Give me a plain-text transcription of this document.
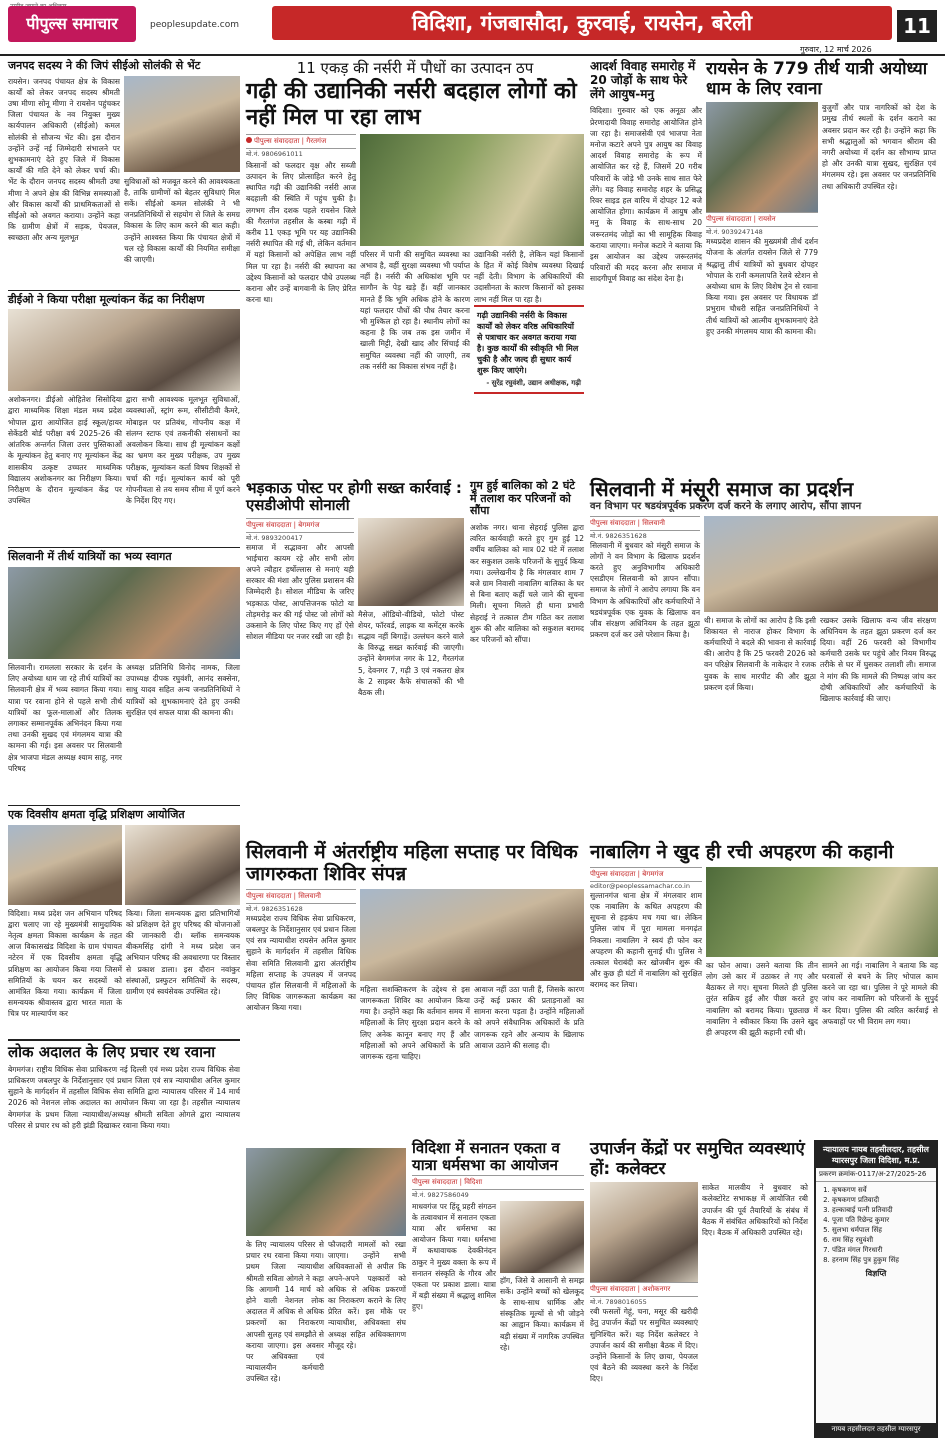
पीपुल्स समाचार	peoplesupdate.com	विदिशा, गंजबासौदा, कुरवाई, रायसेन, बरेली	11
गुरुवार, 12 मार्च 2026
जनपद सदस्य ने की जिपं सीईओ सोलंकी से भेंट
रायसेन। जनपद पंचायत क्षेत्र के विकास कार्यों को लेकर जनपद सदस्य श्रीमती उषा मीणा सोनू मीणा ने रायसेन पहुंचकर जिला पंचायत के नव नियुक्त मुख्य कार्यपालन अधिकारी (सीईओ) कमल सोलंकी से सौजन्य भेंट की। इस दौरान उन्होंने उन्हें नई जिम्मेदारी संभालने पर शुभकामनाएं देते हुए जिले में विकास कार्यों की गति देने को लेकर चर्चा की। भेंट के दौरान जनपद सदस्य श्रीमती उषा मीणा ने अपने क्षेत्र की विभिन्न समस्याओं और विकास कार्यों की प्राथमिकताओं से सीईओ को अवगत कराया। उन्होंने कहा कि ग्रामीण क्षेत्रों में सड़क, पेयजल, स्वच्छता और अन्य मूलभूत
सुविधाओं को मजबूत करने की आवश्यकता है, ताकि ग्रामीणों को बेहतर सुविधाएं मिल सकें। सीईओ कमल सोलंकी ने भी जनप्रतिनिधियों से सहयोग से जिले के समग्र विकास के लिए काम करने की बात कही। उन्होंने आश्वस्त किया कि पंचायत क्षेत्रों में चल रहे विकास कार्यों की नियमित समीक्षा की जाएगी।
डीईओ ने किया परीक्षा मूल्यांकन केंद्र का निरीक्षण
अशोकनगर। डीईओ ओहितेश सिसोदिया द्वारा माध्यमिक शिक्षा मंडल मध्य प्रदेश भोपाल द्वारा आयोजित हाई स्कूल/हायर सेकेंडरी बोर्ड परीक्षा वर्ष 2025-26 की आंतरिक अन्तर्गत जिला उत्तर पुस्तिकाओं के मूल्यांकन हेतु बनाए गए मूल्यांकन केंद्र शासकीय उत्कृष्ट उच्चतर माध्यमिक विद्यालय अशोकनगर का निरीक्षण किया। निरीक्षण के दौरान मूल्यांकन केंद्र पर उपस्थित
द्वारा सभी आवश्यक मूलभूत सुविधाओं, व्यवस्थाओं, स्ट्रांग रूम, सीसीटीवी कैमरे, मोबाइल पर प्रतिबंध, गोपनीय कक्ष में संलग्न स्टाफ एवं तकनीकी संसाधनों का अवलोकन किया। साथ ही मूल्यांकन कक्षों का भ्रमण कर मुख्य परीक्षक, उप मुख्य परीक्षक, मूल्यांकन कर्ता विषय शिक्षकों से चर्चा की गई। मूल्यांकन कार्य को पूरी गोपनीयता से तय समय सीमा में पूर्ण करने के निर्देश दिए गए।
सिलवानी में तीर्थ यात्रियों का भव्य स्वागत
सिलवानी। रामलला सरकार के दर्शन के लिए अयोध्या धाम जा रहे तीर्थ यात्रियों का सिलवानी क्षेत्र में भव्य स्वागत किया गया। यात्रा पर रवाना होने से पहले सभी तीर्थ यात्रियों का फूल-मालाओं और तिलक लगाकर सम्मानपूर्वक अभिनंदन किया गया तथा उनकी सुखद एवं मंगलमय यात्रा की कामना की गई। इस अवसर पर सिलवानी क्षेत्र भाजपा मंडल अध्यक्ष श्याम साहू, नगर परिषद
अध्यक्ष प्रतिनिधि विनोद नामक, जिला उपाध्यक्ष दीपक रघुवंशी, आनंद सक्सेना, साधु यादव सहित अन्य जनप्रतिनिधियों ने यात्रियों को शुभकामनाएं देते हुए उनकी सुरक्षित एवं सफल यात्रा की कामना की।
एक दिवसीय क्षमता वृद्धि प्रशिक्षण आयोजित
विदिशा। मध्य प्रदेश जन अभियान परिषद द्वारा चलाए जा रहे मुख्यमंत्री सामुदायिक नेतृत्व क्षमता विकास कार्यक्रम के तहत आज विकासखंड विदिशा के ग्राम पंचायत नटेरन में एक दिवसीय क्षमता वृद्धि प्रशिक्षण का आयोजन किया गया जिसमें समितियों के चयन कर सदस्यों को आमंत्रित किया गया। कार्यक्रम में जिला समन्वयक श्रीवास्तव द्वारा भारत माता के चित्र पर माल्यार्पण कर
किया। जिला समन्वयक द्वारा प्रतिभागियों को प्रशिक्षण देते हुए परिषद की योजनाओं की जानकारी दी। ब्लॉक समन्वयक बीकमसिंह दांगी ने मध्य प्रदेश जन अभियान परिषद की अवधारणा पर विस्तार से प्रकाश डाला। इस दौरान नवांकुर संस्थाओं, प्रस्फुटन समितियों के सदस्य, ग्रामीण एवं स्वयंसेवक उपस्थित रहे।
लोक अदालत के लिए प्रचार रथ रवाना
बेगमगंज। राष्ट्रीय विधिक सेवा प्राधिकरण नई दिल्ली एवं मध्य प्रदेश राज्य विधिक सेवा प्राधिकरण जबलपुर के निर्देशानुसार एवं प्रधान जिला एवं सत्र न्यायाधीश अनिल कुमार सुहाने के मार्गदर्शन में तहसील विधिक सेवा समिति द्वारा न्यायालय परिसर में 14 मार्च 2026 को नेशनल लोक अदालत का आयोजन किया जा रहा है। तहसील न्यायालय बेगमगंज के प्रथम जिला न्यायाधीश/अध्यक्ष श्रीमती सविता ओगले द्वारा न्यायालय परिसर से प्रचार रथ को हरी झंडी दिखाकर रवाना किया गया।
11 एकड़ की नर्सरी में पौधों का उत्पादन ठप
गढ़ी की उद्यानिकी नर्सरी बदहाल लोगों को नहीं मिल पा रहा लाभ
पीपुल्स संवाददाता | गैरतगंज
मो.नं. 9806961011
किसानों को फलदार वृक्ष और सब्जी उत्पादन के लिए प्रोत्साहित करने हेतु स्थापित गढ़ी की उद्यानिकी नर्सरी आज बदहाली की स्थिति में पहुंच चुकी है। लगभग तीन दशक पहले रायसेन जिले की गैरतगंज तहसील के कस्बा गढ़ी में करीब 11 एकड़ भूमि पर यह उद्यानिकी नर्सरी स्थापित की गई थी, लेकिन वर्तमान में यहां किसानों को अपेक्षित लाभ नहीं मिल पा रहा है। नर्सरी की स्थापना का उद्देश्य किसानों को फलदार पौधे उपलब्ध कराना और उन्हें बागवानी के लिए प्रेरित करना था।
परिसर में पानी की समुचित व्यवस्था का अभाव है, वहीं सुरक्षा व्यवस्था भी पर्याप्त नहीं है। नर्सरी की अधिकांश भूमि पर सागौन के पेड़ खड़े हैं। वहीं जानकार मानते हैं कि भूमि अधिक होने के कारण यहां फलदार पौधों की पौध तैयार करना भी मुश्किल हो रहा है। स्थानीय लोगों का कहना है कि जब तक इस जमीन में खाली मिट्टी, देखी खाद और सिंचाई की समुचित व्यवस्था नहीं की जाएगी, तब तक नर्सरी का विकास संभव नहीं है।
उद्यानिकी नर्सरी है, लेकिन यहां किसानों के हित में कोई विशेष व्यवस्था दिखाई नहीं देती। विभाग के अधिकारियों की उदासीनता के कारण किसानों को इसका लाभ नहीं मिल पा रहा है।
गढ़ी उद्यानिकी नर्सरी के विकास कार्यों को लेकर वरिष्ठ अधिकारियों से पत्राचार कर अवगत कराया गया है। कुछ कार्यों की स्वीकृति भी मिल चुकी है और जल्द ही सुधार कार्य शुरू किए जाएंगे।
- सुरेंद्र रघुवंशी, उद्यान अधीक्षक, गढ़ी
भड़काऊ पोस्ट पर होगी सख्त कार्रवाई : एसडीओपी सोनाली
पीपुल्स संवाददाता | बेगमगंज
मो.नं. 9893200417
समाज में सद्भावना और आपसी भाईचारा कायम रहे और सभी लोग अपने त्यौहार हर्षोल्लास से मनाएं यही सरकार की मंशा और पुलिस प्रशासन की जिम्मेदारी है। सोशल मीडिया के जरिए भड़काऊ पोस्ट, आपत्तिजनक फोटो या तोड़मरोड़ कर की गई पोस्ट जो लोगों को उकसाने के लिए पोस्ट किए गए हों ऐसे सोशल मीडिया पर नजर रखी जा रही है।
मैसेज, ऑडियो-वीडियो, फोटो पोस्ट शेयर, फॉरवर्ड, लाइक या कमेंट्स करके सद्भाव नहीं बिगाड़ें। उल्लंघन करने वाले के विरुद्ध सख्त कार्रवाई की जाएगी। उन्होंने बेगमगंज नगर के 12, गैरतगंज 5, देवनगर 7, गढ़ी 3 एवं नकतरा क्षेत्र के 2 साइबर कैफे संचालकों की भी बैठक ली।
गुम हुई बालिका को 2 घंटे में तलाश कर परिजनों को सौंपा
अशोक नगर। थाना सेहराई पुलिस द्वारा त्वरित कार्यवाही करते हुए गुम हुई 12 वर्षीय बालिका को मात्र 02 घंटे में तलाश कर सकुशल उसके परिजनों के सुपुर्द किया गया। उल्लेखनीय है कि मंगलवार शाम 7 बजे ग्राम निवासी नाबालिग बालिका के घर से बिना बताए कहीं चले जाने की सूचना मिली। सूचना मिलते ही थाना प्रभारी सेहराई ने तत्काल टीम गठित कर तलाश शुरू की और बालिका को सकुशल बरामद कर परिजनों को सौंपा।
सिलवानी में अंतर्राष्ट्रीय महिला सप्ताह पर विधिक जागरुकता शिविर संपन्न
पीपुल्स संवाददाता | सिलवानी
मो.नं. 9826351628
मध्यप्रदेश राज्य विधिक सेवा प्राधिकरण, जबलपुर के निर्देशानुसार एवं प्रधान जिला एवं सत्र न्यायाधीश रायसेन अनिल कुमार सुहाने के मार्गदर्शन में तहसील विधिक सेवा समिति सिलवानी द्वारा अंतर्राष्ट्रीय महिला सप्ताह के उपलक्ष्य में जनपद पंचायत हॉल सिलवानी में महिलाओं के लिए विधिक जागरूकता कार्यक्रम का आयोजन किया गया।
महिला सशक्तिकरण के उद्देश्य से इस जागरूकता शिविर का आयोजन किया गया है। उन्होंने कहा कि वर्तमान समय में महिलाओं के लिए सुरक्षा प्रदान करने के लिए अनेक कानून बनाए गए हैं और महिलाओं को अपने अधिकारों के प्रति जागरूक रहना चाहिए।
आवाज नहीं उठा पाती हैं, जिसके कारण उन्हें कई प्रकार की प्रताड़नाओं का सामना करना पड़ता है। उन्होंने महिलाओं को अपने संवैधानिक अधिकारों के प्रति जागरूक रहने और अन्याय के खिलाफ आवाज उठाने की सलाह दी।
के लिए न्यायालय परिसर से प्रचार रथ रवाना किया गया। प्रथम जिला न्यायाधीश श्रीमती सविता ओगले ने कहा कि आगामी 14 मार्च को होने वाली नेशनल लोक अदालत में अधिक से अधिक प्रकरणों का निराकरण आपसी सुलह एवं समझौते से कराया जाएगा। इस अवसर पर अधिवक्ता एवं न्यायालयीन कर्मचारी उपस्थित रहे।
फौजदारी मामलों को रखा जाएगा। उन्होंने सभी अधिवक्ताओं से अपील कि अपने-अपने पक्षकारों को अधिक से अधिक प्रकरणों का निराकरण कराने के लिए प्रेरित करें। इस मौके पर न्यायाधीश, अधिवक्ता संघ अध्यक्ष सहित अधिवक्तागण मौजूद रहे।
विदिशा में सनातन एकता व यात्रा धर्मसभा का आयोजन
पीपुल्स संवाददाता | विदिशा
मो.नं. 9827586049
माधवगंज पर हिंदू प्रहरी संगठन के तत्वावधान में सनातन एकता यात्रा और धर्मसभा का आयोजन किया गया। धर्मसभा में कथावाचक देवकीनंदन ठाकुर ने मुख्य वक्ता के रूप में सनातन संस्कृति के गौरव और एकता पर प्रकाश डाला। यात्रा में बड़ी संख्या में श्रद्धालु शामिल हुए।
हॉग, जिसे वे आसानी से समझ सकें। उन्होंने बच्चों को खेलकूद के साथ-साथ धार्मिक और संस्कृतिक मूल्यों से भी जोड़ने का आह्वान किया। कार्यक्रम में बड़ी संख्या में नागरिक उपस्थित रहे।
आदर्श विवाह समारोह में 20 जोड़ों के साथ फेरे लेंगे आयुष-मनु
विदिशा। गुरुवार को एक अनूठा और प्रेरणादायी विवाह समारोह आयोजित होने जा रहा है। समाजसेवी एवं भाजपा नेता मनोज कटारे अपने पुत्र आयुष का विवाह आदर्श विवाह समारोह के रूप में आयोजित कर रहे हैं, जिसमें 20 गरीब परिवारों के जोड़े भी उनके साथ सात फेरे लेंगे। यह विवाह समारोह शहर के प्रसिद्ध रिवर साइड हल वारिय में दोपहर 12 बजे आयोजित होगा। कार्यक्रम में आयुष और मनु के विवाह के साथ-साथ 20 जरूरतमंद जोड़ों का भी सामूहिक विवाह कराया जाएगा। मनोज कटारे ने बताया कि इस आयोजन का उद्देश्य जरूरतमंद परिवारों की मदद करना और समाज में सादगीपूर्ण विवाह का संदेश देना है।
रायसेन के 779 तीर्थ यात्री अयोध्या धाम के लिए रवाना
पीपुल्स संवाददाता | रायसेन
मो.नं. 9039247148
मध्यप्रदेश शासन की मुख्यमंत्री तीर्थ दर्शन योजना के अंतर्गत रायसेन जिले से 779 श्रद्धालु तीर्थ यात्रियों को बुधवार दोपहर भोपाल के रानी कमलापति रेलवे स्टेशन से अयोध्या धाम के लिए विशेष ट्रेन से रवाना किया गया। इस अवसर पर विधायक डॉ प्रभुराम चौधरी सहित जनप्रतिनिधियों ने तीर्थ यात्रियों को आत्मीय शुभकामनाएं देते हुए उनकी मंगलमय यात्रा की कामना की।
बुजुर्गों और पात्र नागरिकों को देश के प्रमुख तीर्थ स्थलों के दर्शन कराने का अवसर प्रदान कर रही है। उन्होंने कहा कि सभी श्रद्धालुओं को भगवान श्रीराम की नगरी अयोध्या में दर्शन का सौभाग्य प्राप्त हो और उनकी यात्रा सुखद, सुरक्षित एवं मंगलमय रहे। इस अवसर पर जनप्रतिनिधि तथा अधिकारी उपस्थित रहे।
सिलवानी में मंसूरी समाज का प्रदर्शन
वन विभाग पर षडयंत्रपूर्वक प्रकरण दर्ज करने के लगाए आरोप, सौंपा ज्ञापन
पीपुल्स संवाददाता | सिलवानी
मो.नं. 9826351628
सिलवानी में बुधवार को मंसूरी समाज के लोगों ने वन विभाग के खिलाफ प्रदर्शन करते हुए अनुविभागीय अधिकारी एसडीएम सिलवानी को ज्ञापन सौंपा। समाज के लोगों ने आरोप लगाया कि वन विभाग के अधिकारियों और कर्मचारियों ने षडयंत्रपूर्वक एक युवक के खिलाफ वन जीव संरक्षण अधिनियम के तहत झूठा प्रकरण दर्ज कर उसे परेशान किया है।
थी। समाज के लोगों का आरोप है कि इसी शिकायत से नाराज होकर विभाग के कर्मचारियों ने बदले की भावना से कार्रवाई की। आरोप है कि 25 फरवरी 2026 को वन परिक्षेत्र सिलवानी के नाकेदार ने रजक युवक के साथ मारपीट की और झूठा प्रकरण दर्ज किया।
रखकर उसके खिलाफ वन्य जीव संरक्षण अधिनियम के तहत झूठा प्रकरण दर्ज कर दिया। वहीं 26 फरवरी को विभागीय कर्मचारी उसके घर पहुंचे और नियम विरुद्ध तरीके से घर में घुसकर तलाशी ली। समाज ने मांग की कि मामले की निष्पक्ष जांच कर दोषी अधिकारियों और कर्मचारियों के खिलाफ कार्रवाई की जाए।
नाबालिग ने खुद ही रची अपहरण की कहानी
पीपुल्स संवाददाता | बेगमगंज
editor@peoplessamachar.co.in
सुल्तानगंज थाना क्षेत्र में मंगलवार शाम एक नाबालिग के कथित अपहरण की सूचना से हड़कंप मच गया था। लेकिन पुलिस जांच में पूरा मामला मनगढ़ंत निकला। नाबालिग ने स्वयं ही फोन कर अपहरण की कहानी सुनाई थी। पुलिस ने तत्काल घेराबंदी कर खोजबीन शुरू की और कुछ ही घंटों में नाबालिग को सुरक्षित बरामद कर लिया।
का फोन आया। उसने बताया कि तीन लोग उसे कार में उठाकर ले गए और बैठाकर ले गए। सूचना मिलते ही पुलिस तुरंत सक्रिय हुई और पीछा करते हुए नाबालिग को बरामद किया। पूछताछ में नाबालिग ने स्वीकार किया कि उसने खुद ही अपहरण की झूठी कहानी रची थी।
सामने आ गई। नाबालिग ने बताया कि वह घरवालों से बचने के लिए भोपाल काम करने जा रहा था। पुलिस ने पूरे मामले की जांच कर नाबालिग को परिजनों के सुपुर्द कर दिया। पुलिस की त्वरित कार्रवाई से अफवाहों पर भी विराम लग गया।
उपार्जन केंद्रों पर समुचित व्यवस्थाएं हों: कलेक्टर
पीपुल्स संवाददाता | अशोकनगर
मो.नं. 7898016055
रबी फसलों गेहूं, चना, मसूर की खरीदी हेतु उपार्जन केंद्रों पर समुचित व्यवस्थाएं सुनिश्चित करें। यह निर्देश कलेक्टर ने उपार्जन कार्य की समीक्षा बैठक में दिए। उन्होंने किसानों के लिए छाया, पेयजल एवं बैठने की व्यवस्था करने के निर्देश दिए।
साकेत मालवीय ने बुधवार को कलेक्टोरेट सभाकक्ष में आयोजित रबी उपार्जन की पूर्व तैयारियों के संबंध में बैठक में संबंधित अधिकारियों को निर्देश दिए। बैठक में अधिकारी उपस्थित रहे।
न्यायालय नायब तहसीलदार, तहसील ग्यारसपुर जिला विदिशा, म.प्र.
प्रकरण क्रमांक-0117/अ-27/2025-26
1. कृषकगण सर्वे
2. कृषकगण प्रतिवादी
3. हल्काबाई पत्नी प्रतिवादी
4. पूजा पति रिछेन्द्र कुमार
5. सुलभा धर्मपाल सिंह
6. राम सिंह रघुवंशी
7. पंडित मंगल गिरधारी
8. हरनाम सिंह पुत्र हुकुम सिंह
विज्ञप्ति
नायब तहसीलदार तहसील ग्यारसपुर
